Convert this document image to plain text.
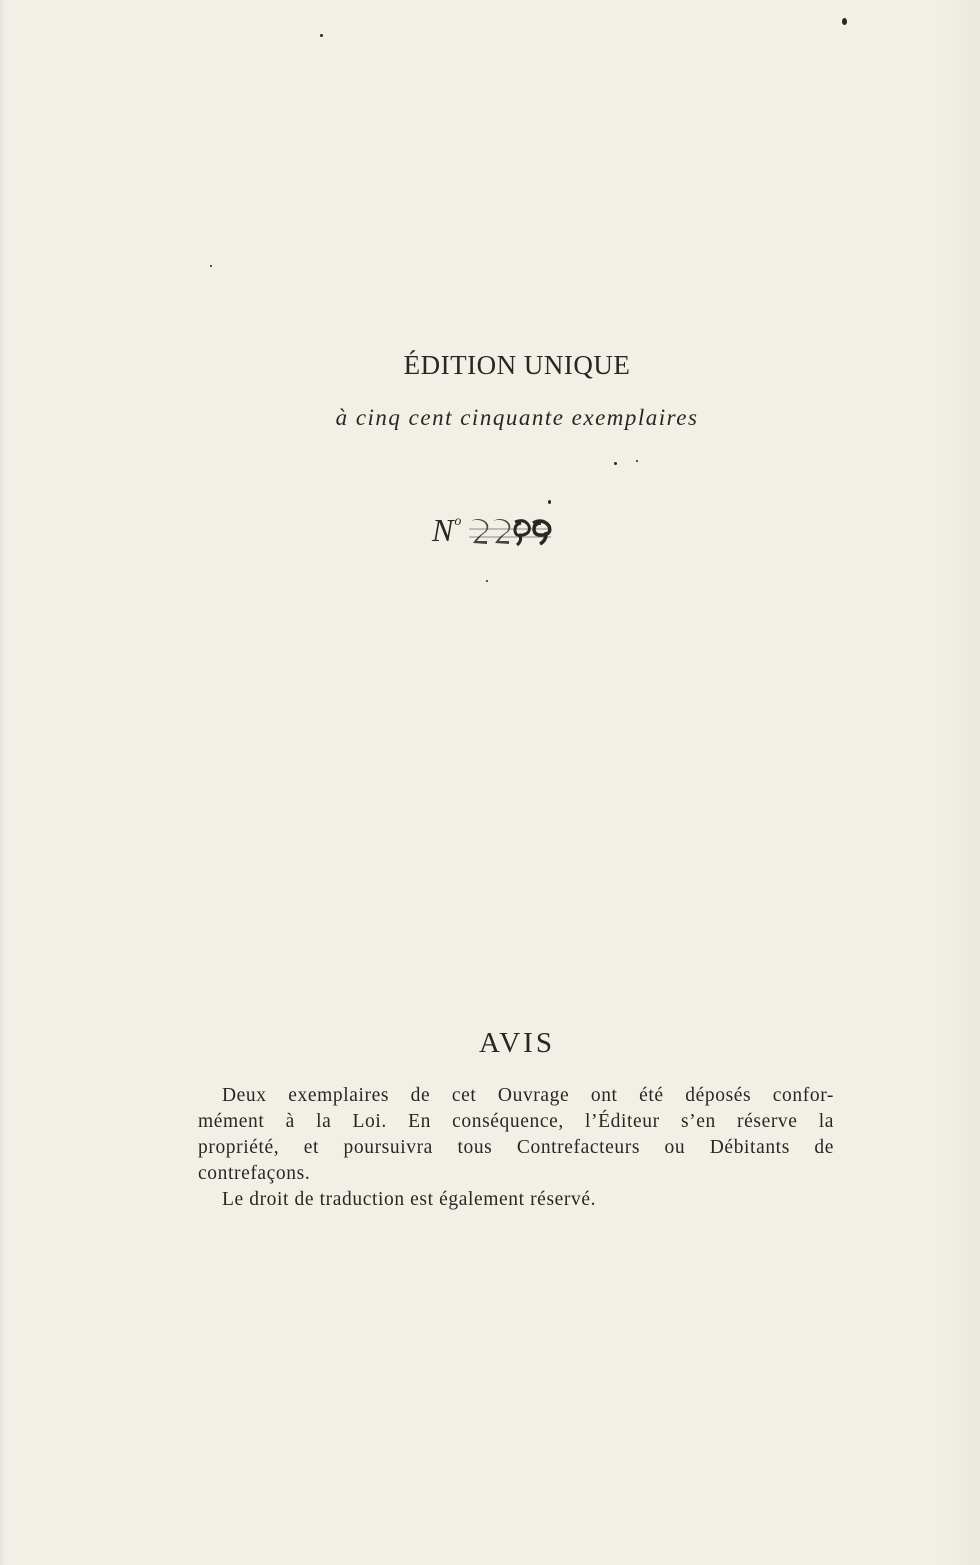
ÉDITION UNIQUE
à cinq cent cinquante exemplaires
N o
AVIS

Deux exemplaires de cet Ouvrage ont été déposés confor-
mément à la Loi. En conséquence, l’Éditeur s’en réserve la
propriété, et poursuivra tous Contrefacteurs ou Débitants de
contrefaçons.

Le droit de traduction est également réservé.
